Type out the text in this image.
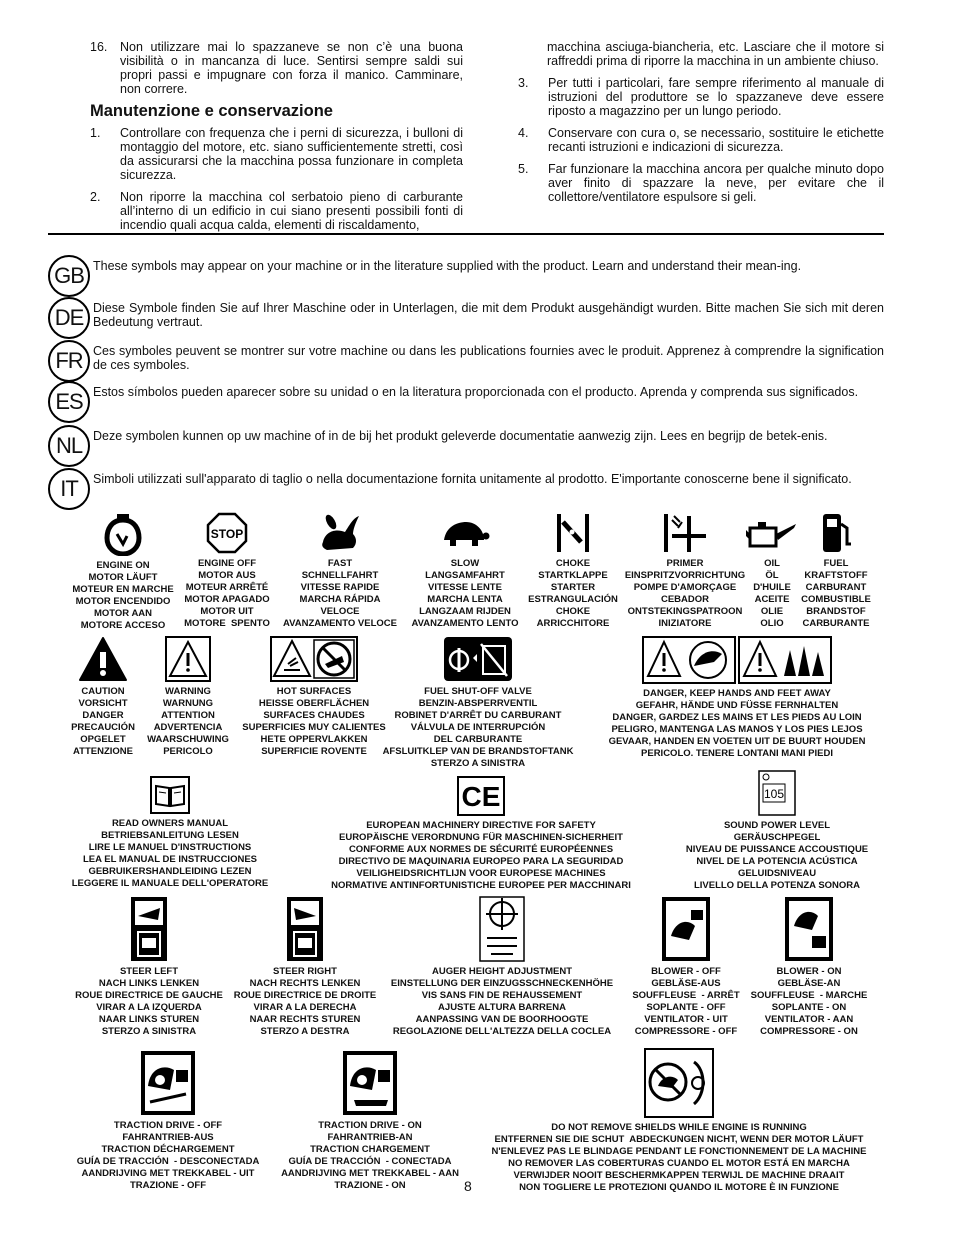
16. Non utilizzare mai lo spazzaneve se non c’è una buona visibilità o in mancanza di luce. Sentirsi sempre saldi sui propri passi e impugnare con forza il manico. Camminare, non correre.
Manutenzione e conservazione
1. Controllare con frequenza che i perni di sicurezza, i bulloni di montaggio del motore, etc. siano sufficientemente stretti, così da assicurarsi che la macchina possa funzionare in completa sicurezza.
2. Non riporre la macchina col serbatoio pieno di carburante all’interno di un edificio in cui siano presenti possibili fonti di incendio quali acqua calda, elementi di riscaldamento,
macchina asciuga-biancheria, etc. Lasciare che il motore si raffreddi prima di riporre la macchina in un ambiente chiuso.
3. Per tutti i particolari, fare sempre riferimento al manuale di istruzioni del produttore se lo spazzaneve deve essere riposto a magazzino per un lungo periodo.
4. Conservare con cura o, se necessario, sostituire le etichette recanti istruzioni e indicazioni di sicurezza.
5. Far funzionare la macchina ancora per qualche minuto dopo aver finito di spazzare la neve, per evitare che il collettore/ventilatore espulsore si geli.
GB These symbols may appear on your machine or in the literature supplied with the product. Learn and understand their mean-ing.

DE Diese Symbole finden Sie auf Ihrer Maschine oder in Unterlagen, die mit dem Produkt ausgehändigt wurden. Bitte machen Sie sich mit deren Bedeutung vertraut.

FR Ces symboles peuvent se montrer sur votre machine ou dans les publications fournies avec le produit. Apprenez à comprendre la signification de ces symboles.

ES Estos símbolos pueden aparecer sobre su unidad o en la literatura proporcionada con el producto. Aprenda y comprenda sus significados.

NL Deze symbolen kunnen op uw machine of in de bij het produkt geleverde documentatie aanwezig zijn. Lees en begrijp de betek-enis.

IT	Simboli utilizzati sull'apparato di taglio o nella documentazione fornita unitamente al prodotto. E'importante conoscerne bene il significato.

ENGINE ON
MOTOR LÄUFT
MOTEUR EN MARCHE
MOTOR ENCENDIDO
MOTOR AAN
MOTORE ACCESO
STOP
ENGINE OFF
MOTOR AUS
MOTEUR ARRÊTÉ
MOTOR APAGADO
MOTOR UIT
MOTORE  SPENTO
FAST
SCHNELLFAHRT
VITESSE RAPIDE
MARCHA RÁPIDA
VELOCE
AVANZAMENTO VELOCE
SLOW
LANGSAMFAHRT
VITESSE LENTE
MARCHA LENTA
LANGZAAM RIJDEN
AVANZAMENTO LENTO
CHOKE
STARTKLAPPE
STARTER
ESTRANGULACIÓN
CHOKE
ARRICCHITORE
PRIMER
EINSPRITZVORRICHTUNG
POMPE D'AMORÇAGE
CEBADOR
ONTSTEKINGSPATROON
INIZIATORE
OIL
ÖL
D'HUILE
ACEITE
OLIE
OLIO
FUEL
KRAFTSTOFF
CARBURANT
COMBUSTIBLE
BRANDSTOF
CARBURANTE
CAUTION
VORSICHT
DANGER
PRECAUCIÓN
OPGELET
ATTENZIONE
WARNING
WARNUNG
ATTENTION
ADVERTENCIA
WAARSCHUWING
PERICOLO
HOT SURFACES
HEISSE OBERFLÄCHEN
SURFACES CHAUDES
SUPERFICIES MUY CALIENTES
HETE OPPERVLAKKEN
SUPERFICIE ROVENTE
FUEL SHUT-OFF VALVE
BENZIN-ABSPERRVENTIL
ROBINET D'ARRÊT DU CARBURANT
VÁLVULA DE INTERRUPCIÓN
DEL CARBURANTE
AFSLUITKLEP VAN DE BRANDSTOFTANK
STERZO A SINISTRA
DANGER, KEEP HANDS AND FEET AWAY
GEFAHR, HÄNDE UND FÜSSE FERNHALTEN
DANGER, GARDEZ LES MAINS ET LES PIEDS AU LOIN
PELIGRO, MANTENGA LAS MANOS Y LOS PIES LEJOS
GEVAAR, HANDEN EN VOETEN UIT DE BUURT HOUDEN
PERICOLO. TENERE LONTANI MANI PIEDI
READ OWNERS MANUAL
BETRIEBSANLEITUNG LESEN
LIRE LE MANUEL D'INSTRUCTIONS
LEA EL MANUAL DE INSTRUCCIONES
GEBRUIKERSHANDLEIDING LEZEN
LEGGERE IL MANUALE DELL'OPERATORE
CE
EUROPEAN MACHINERY DIRECTIVE FOR SAFETY
EUROPÄISCHE VERORDNUNG FÜR MASCHINEN-SICHERHEIT
CONFORME AUX NORMES DE SÉCURITÉ EUROPÉENNES
DIRECTIVO DE MAQUINARIA EUROPEO PARA LA SEGURIDAD
VEILIGHEIDSRICHTLIJN VOOR EUROPESE MACHINES
NORMATIVE ANTINFORTUNISTICHE EUROPEE PER MACCHINARI
105
SOUND POWER LEVEL
GERÄUSCHPEGEL
NIVEAU DE PUISSANCE ACCOUSTIQUE
NIVEL DE LA POTENCIA ACÚSTICA
GELUIDSNIVEAU
LIVELLO DELLA POTENZA SONORA
STEER LEFT
NACH LINKS LENKEN
ROUE DIRECTRICE DE GAUCHE
VIRAR A LA IZQUERDA
NAAR LINKS STUREN
STERZO A SINISTRA
STEER RIGHT
NACH RECHTS LENKEN
ROUE DIRECTRICE DE DROITE
VIRAR A LA DERECHA
NAAR RECHTS STUREN
STERZO A DESTRA
AUGER HEIGHT ADJUSTMENT
EINSTELLUNG DER EINZUGSSCHNECKENHÖHE
VIS SANS FIN DE REHAUSSEMENT
AJUSTE ALTURA BARRENA
AANPASSING VAN DE BOORHOOGTE
REGOLAZIONE DELL'ALTEZZA DELLA COCLEA
BLOWER - OFF
GEBLÄSE-AUS
SOUFFLEUSE  - ARRÊT
SOPLANTE - OFF
VENTILATOR - UIT
COMPRESSORE - OFF
BLOWER - ON
GEBLÄSE-AN
SOUFFLEUSE  - MARCHE
SOPLANTE - ON
VENTILATOR - AAN
COMPRESSORE - ON
TRACTION DRIVE - OFF
FAHRANTRIEB-AUS
TRACTION DÉCHARGEMENT
GUÍA DE TRACCIÓN  - DESCONECTADA
AANDRIJVING MET TREKKABEL - UIT
TRAZIONE - OFF
TRACTION DRIVE - ON
FAHRANTRIEB-AN
TRACTION CHARGEMENT
GUÍA DE TRACCIÓN  - CONECTADA
AANDRIJVING MET TREKKABEL - AAN
TRAZIONE - ON
DO NOT REMOVE SHIELDS WHILE ENGINE IS RUNNING
ENTFERNEN SIE DIE SCHUT  ABDECKUNGEN NICHT, WENN DER MOTOR LÄUFT
N'ENLEVEZ PAS LE BLINDAGE PENDANT LE FONCTIONNEMENT DE LA MACHINE
NO REMOVER LAS COBERTURAS CUANDO EL MOTOR ESTÁ EN MARCHA
VERWIJDER NOOIT BESCHERMKAPPEN TERWIJL DE MACHINE DRAAIT
NON TOGLIERE LE PROTEZIONI QUANDO IL MOTORE È IN FUNZIONE
8
